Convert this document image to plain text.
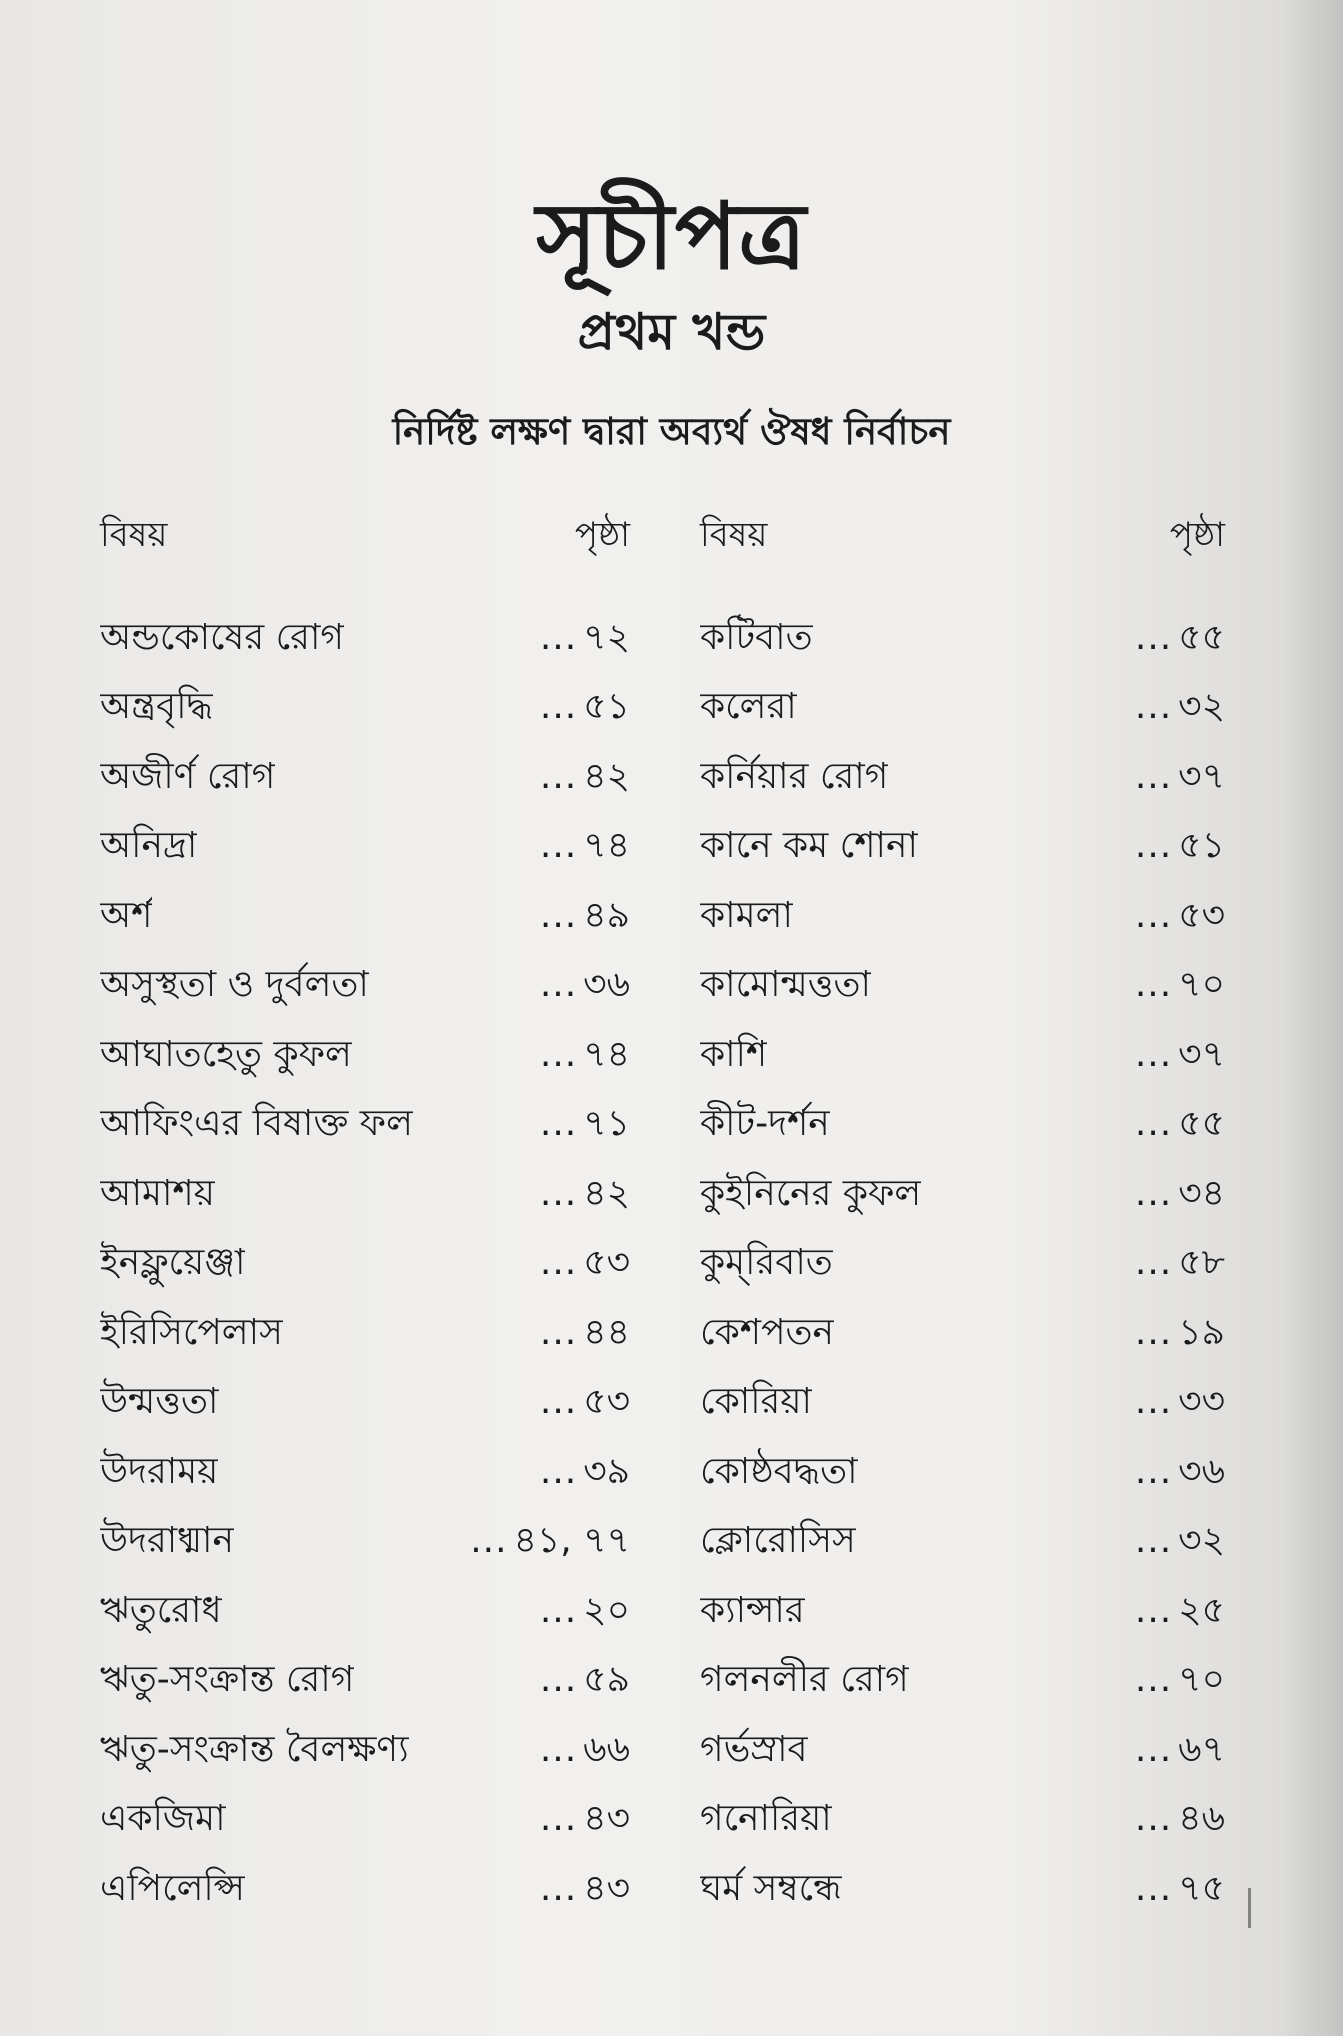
সূচীপত্র
প্রথম খন্ড
নির্দিষ্ট লক্ষণ দ্বারা অব্যর্থ ঔষধ নির্বাচন
বিষয়	পৃষ্ঠা
অন্ডকোষের রোগ	... ৭২
অন্ত্রবৃদ্ধি	... ৫১
অজীর্ণ রোগ	... ৪২
অনিদ্রা	... ৭৪
অর্শ	... ৪৯
অসুস্থতা ও দুর্বলতা	... ৩৬
আঘাতহেতু কুফল	... ৭৪
আফিংএর বিষাক্ত ফল	... ৭১
আমাশয়	... ৪২
ইনফ্লুয়েঞ্জা	... ৫৩
ইরিসিপেলাস	... ৪৪
উন্মত্ততা	... ৫৩
উদরাময়	... ৩৯
উদরাধ্মান	... ৪১, ৭৭
ঋতুরোধ	... ২০
ঋতু-সংক্রান্ত রোগ	... ৫৯
ঋতু-সংক্রান্ত বৈলক্ষণ্য	... ৬৬
একজিমা	... ৪৩
এপিলেপ্সি	... ৪৩
বিষয়	পৃষ্ঠা
কটিবাত	... ৫৫
কলেরা	... ৩২
কর্নিয়ার রোগ	... ৩৭
কানে কম শোনা	... ৫১
কামলা	... ৫৩
কামোন্মত্ততা	... ৭০
কাশি	... ৩৭
কীট-দর্শন	... ৫৫
কুইনিনের কুফল	... ৩৪
কুম্‌রিবাত	... ৫৮
কেশপতন	... ১৯
কোরিয়া	... ৩৩
কোষ্ঠবদ্ধতা	... ৩৬
ক্লোরোসিস	... ৩২
ক্যান্সার	... ২৫
গলনলীর রোগ	... ৭০
গর্ভস্রাব	... ৬৭
গনোরিয়া	... ৪৬
ঘর্ম সম্বন্ধে	... ৭৫
